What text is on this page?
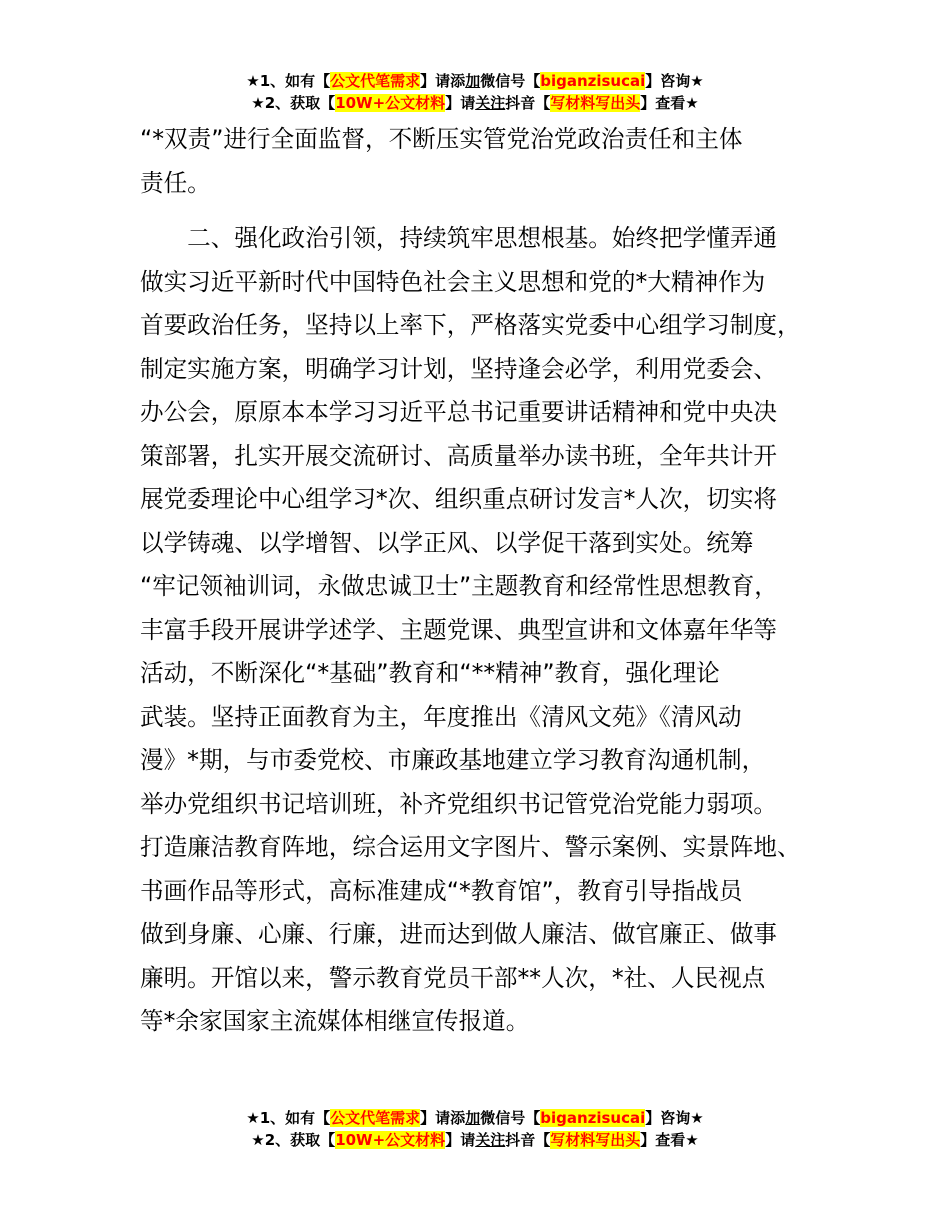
★1、如有【公文代笔需求】请添加微信号【biganzisucai】咨询★
★2、获取【10W+公文材料】请关注抖音【写材料写出头】查看★
“*双责”进行全面监督，不断压实管党治党政治责任和主体
责任。
　　二、强化政治引领，持续筑牢思想根基。始终把学懂弄通
做实习近平新时代中国特色社会主义思想和党的*大精神作为
首要政治任务，坚持以上率下，严格落实党委中心组学习制度，
制定实施方案，明确学习计划，坚持逢会必学，利用党委会、
办公会，原原本本学习习近平总书记重要讲话精神和党中央决
策部署，扎实开展交流研讨、高质量举办读书班，全年共计开
展党委理论中心组学习*次、组织重点研讨发言*人次，切实将
以学铸魂、以学增智、以学正风、以学促干落到实处。统筹
“牢记领袖训词，永做忠诚卫士”主题教育和经常性思想教育，
丰富手段开展讲学述学、主题党课、典型宣讲和文体嘉年华等
活动，不断深化“*基础”教育和“**精神”教育，强化理论
武装。坚持正面教育为主，年度推出《清风文苑》《清风动
漫》*期，与市委党校、市廉政基地建立学习教育沟通机制，
举办党组织书记培训班，补齐党组织书记管党治党能力弱项。
打造廉洁教育阵地，综合运用文字图片、警示案例、实景阵地、
书画作品等形式，高标准建成“*教育馆”，教育引导指战员
做到身廉、心廉、行廉，进而达到做人廉洁、做官廉正、做事
廉明。开馆以来，警示教育党员干部**人次，*社、人民视点
等*余家国家主流媒体相继宣传报道。
★1、如有【公文代笔需求】请添加微信号【biganzisucai】咨询★
★2、获取【10W+公文材料】请关注抖音【写材料写出头】查看★
